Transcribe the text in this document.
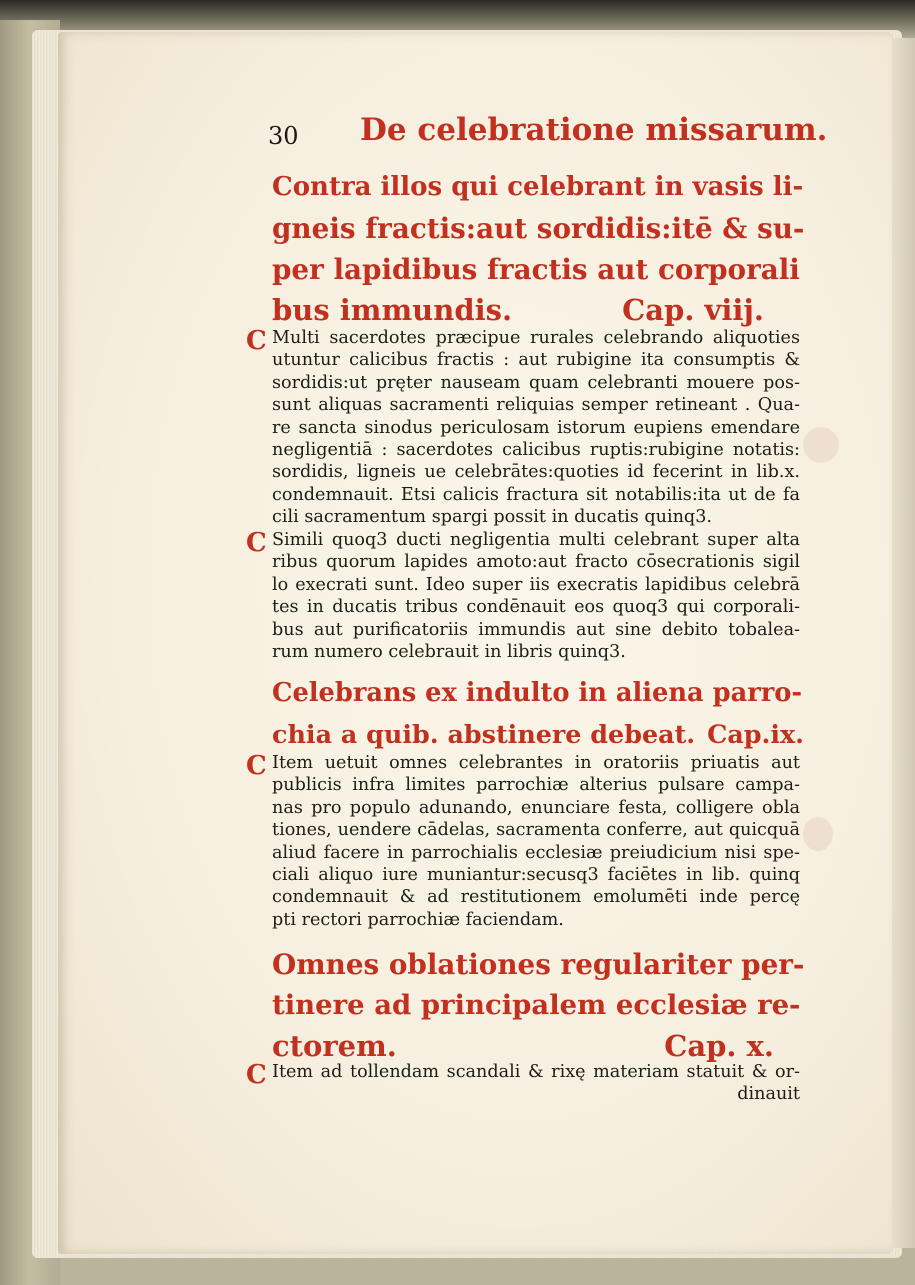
30 De celebratione missarum.
Contra illos qui celebrant in vasis li-
gneis fractis:aut sordidis:itē & su-
per lapidibus fractis aut corporali
bus immundis.	Cap. viij.
C Multi sacerdotes præcipue rurales celebrando aliquoties
utuntur calicibus fractis : aut rubigine ita consumptis &
sordidis:ut pręter nauseam quam celebranti mouere pos-
sunt aliquas sacramenti reliquias semper retineant . Qua-
re sancta sinodus periculosam istorum eupiens emendare
negligentiā : sacerdotes calicibus ruptis:rubigine notatis:
sordidis, ligneis ue celebrātes:quoties id fecerint in lib.x.
condemnauit. Etsi calicis fractura sit notabilis:ita ut de fa
cili sacramentum spargi possit in ducatis quinq3.
C Simili quoq3 ducti negligentia multi celebrant super alta
ribus quorum lapides amoto:aut fracto cōsecrationis sigil
lo execrati sunt. Ideo super iis execratis lapidibus celebrā
tes in ducatis tribus condēnauit eos quoq3 qui corporali-
bus aut purificatoriis immundis aut sine debito tobalea-
rum numero celebrauit in libris quinq3.
Celebrans ex indulto in aliena parro-
chia a quib. abstinere debeat. Cap.ix.
C Item uetuit omnes celebrantes in oratoriis priuatis aut
publicis infra limites parrochiæ alterius pulsare campa-
nas pro populo adunando, enunciare festa, colligere obla
tiones, uendere cādelas, sacramenta conferre, aut quicquā
aliud facere in parrochialis ecclesiæ preiudicium nisi spe-
ciali aliquo iure muniantur:secusq3 faciētes in lib. quinq
condemnauit & ad restitutionem emolumēti inde percę
pti rectori parrochiæ faciendam.
Omnes oblationes regulariter per-
tinere ad principalem ecclesiæ re-
ctorem.	Cap. x.
C Item ad tollendam scandali & rixę materiam statuit & or-
dinauit
